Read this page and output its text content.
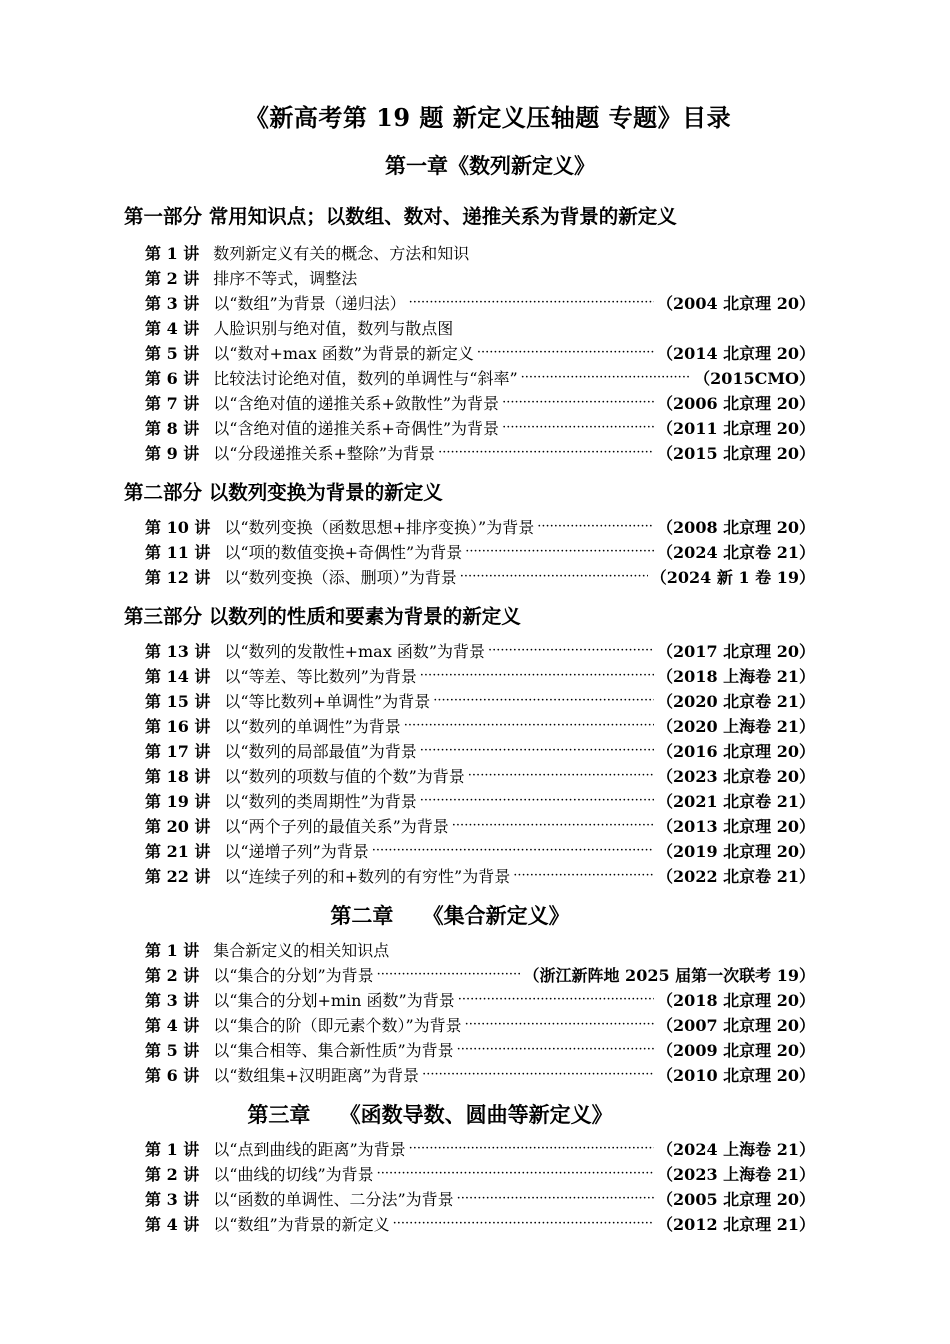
《新高考第 19 题 新定义压轴题 专题》目录
第一章《数列新定义》
第一部分 常用知识点；以数组、数对、递推关系为背景的新定义
第 1 讲 数列新定义有关的概念、方法和知识
第 2 讲 排序不等式，调整法
第 3 讲 以“数组”为背景（递归法） ·····	（2004 北京理 20）
第 4 讲 人脸识别与绝对值，数列与散点图
第 5 讲 以“数对+max 函数”为背景的新定义 ·····	（2014 北京理 20）
第 6 讲 比较法讨论绝对值，数列的单调性与“斜率” ·····	（2015CMO）
第 7 讲 以“含绝对值的递推关系+敛散性”为背景 ·····	（2006 北京理 20）
第 8 讲 以“含绝对值的递推关系+奇偶性”为背景 ·····	（2011 北京理 20）
第 9 讲 以“分段递推关系+整除”为背景 ·····	（2015 北京理 20）
第二部分 以数列变换为背景的新定义
第 10 讲 以“数列变换（函数思想+排序变换）”为背景 ·····	（2008 北京理 20）
第 11 讲 以“项的数值变换+奇偶性”为背景 ·····	（2024 北京卷 21）
第 12 讲 以“数列变换（添、删项）”为背景 ·····	（2024 新 1 卷 19）
第三部分 以数列的性质和要素为背景的新定义
第 13 讲 以“数列的发散性+max 函数”为背景 ·····	（2017 北京理 20）
第 14 讲 以“等差、等比数列”为背景 ·····	（2018 上海卷 21）
第 15 讲 以“等比数列+单调性”为背景 ·····	（2020 北京卷 21）
第 16 讲 以“数列的单调性”为背景 ·····	（2020 上海卷 21）
第 17 讲 以“数列的局部最值”为背景 ·····	（2016 北京理 20）
第 18 讲 以“数列的项数与值的个数”为背景 ·····	（2023 北京卷 20）
第 19 讲 以“数列的类周期性”为背景 ·····	（2021 北京卷 21）
第 20 讲 以“两个子列的最值关系”为背景 ·····	（2013 北京理 20）
第 21 讲 以“递增子列”为背景 ·····	（2019 北京理 20）
第 22 讲 以“连续子列的和+数列的有穷性”为背景 ·····	（2022 北京卷 21）
第二章    《集合新定义》
第 1 讲 集合新定义的相关知识点
第 2 讲 以“集合的分划”为背景 ·····	（浙江新阵地 2025 届第一次联考 19）
第 3 讲 以“集合的分划+min 函数”为背景 ·····	（2018 北京理 20）
第 4 讲 以“集合的阶（即元素个数）”为背景 ·····	（2007 北京理 20）
第 5 讲 以“集合相等、集合新性质”为背景 ·····	（2009 北京理 20）
第 6 讲 以“数组集+汉明距离”为背景 ·····	（2010 北京理 20）
第三章    《函数导数、圆曲等新定义》
第 1 讲 以“点到曲线的距离”为背景 ·····	（2024 上海卷 21）
第 2 讲 以“曲线的切线”为背景 ·····	（2023 上海卷 21）
第 3 讲 以“函数的单调性、二分法”为背景 ·····	（2005 北京理 20）
第 4 讲 以“数组”为背景的新定义 ·····	（2012 北京理 21）
